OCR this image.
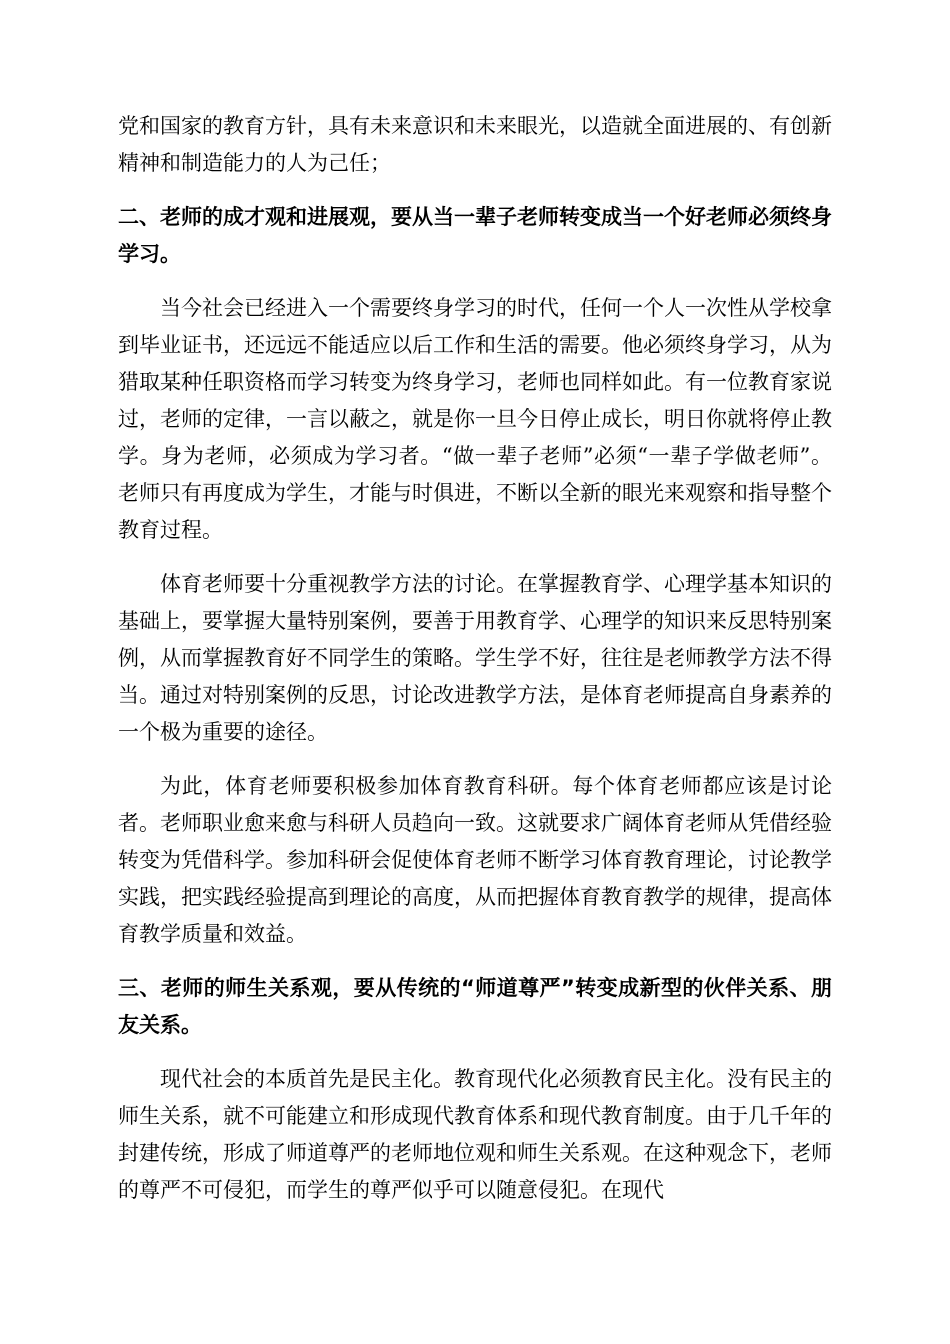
党和国家的教育方针，具有未来意识和未来眼光，以造就全面进展的、有创新精神和制造能力的人为己任；

二、老师的成才观和进展观，要从当一辈子老师转变成当一个好老师必须终身学习。

当今社会已经进入一个需要终身学习的时代，任何一个人一次性从学校拿到毕业证书，还远远不能适应以后工作和生活的需要。他必须终身学习，从为猎取某种任职资格而学习转变为终身学习，老师也同样如此。有一位教育家说过，老师的定律，一言以蔽之，就是你一旦今日停止成长，明日你就将停止教学。身为老师，必须成为学习者。“做一辈子老师”必须“一辈子学做老师”。老师只有再度成为学生，才能与时俱进，不断以全新的眼光来观察和指导整个教育过程。

体育老师要十分重视教学方法的讨论。在掌握教育学、心理学基本知识的基础上，要掌握大量特别案例，要善于用教育学、心理学的知识来反思特别案例，从而掌握教育好不同学生的策略。学生学不好，往往是老师教学方法不得当。通过对特别案例的反思，讨论改进教学方法，是体育老师提高自身素养的一个极为重要的途径。

为此，体育老师要积极参加体育教育科研。每个体育老师都应该是讨论者。老师职业愈来愈与科研人员趋向一致。这就要求广阔体育老师从凭借经验转变为凭借科学。参加科研会促使体育老师不断学习体育教育理论，讨论教学实践，把实践经验提高到理论的高度，从而把握体育教育教学的规律，提高体育教学质量和效益。

三、老师的师生关系观，要从传统的“师道尊严”转变成新型的伙伴关系、朋友关系。

现代社会的本质首先是民主化。教育现代化必须教育民主化。没有民主的师生关系，就不可能建立和形成现代教育体系和现代教育制度。由于几千年的封建传统，形成了师道尊严的老师地位观和师生关系观。在这种观念下，老师的尊严不可侵犯，而学生的尊严似乎可以随意侵犯。在现代
